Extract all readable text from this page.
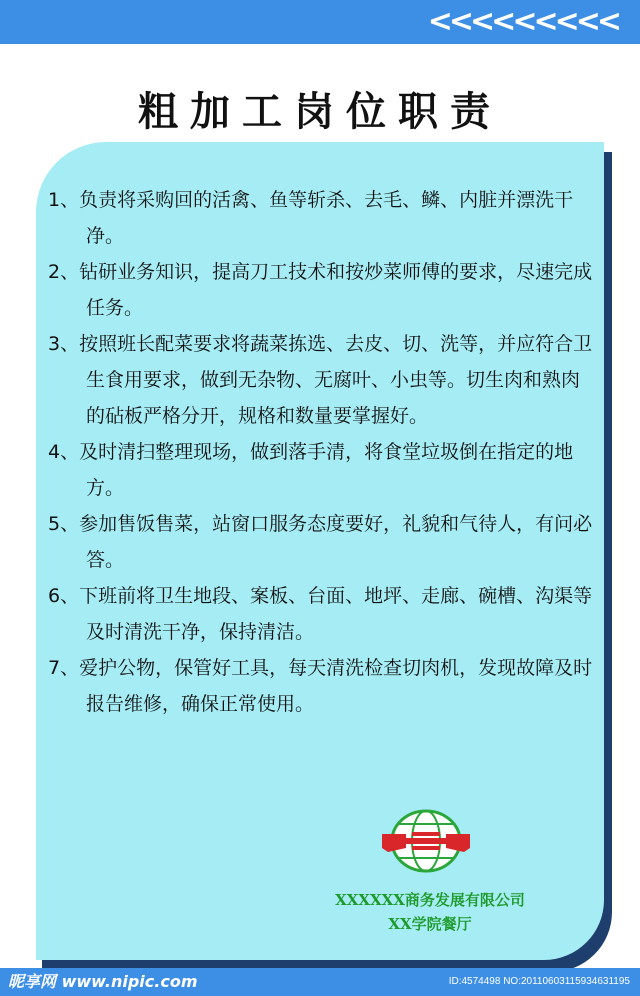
<<<<<<<<<
粗加工岗位职责

1、负责将采购回的活禽、鱼等斩杀、去毛、鳞、内脏并漂洗干净。

2、钻研业务知识，提高刀工技术和按炒菜师傅的要求，尽速完成任务。

3、按照班长配菜要求将蔬菜拣选、去皮、切、洗等，并应符合卫生食用要求，做到无杂物、无腐叶、小虫等。切生肉和熟肉的砧板严格分开，规格和数量要掌握好。

4、及时清扫整理现场，做到落手清，将食堂垃圾倒在指定的地方。

5、参加售饭售菜，站窗口服务态度要好，礼貌和气待人，有问必答。

6、下班前将卫生地段、案板、台面、地坪、走廊、碗槽、沟渠等及时清洗干净，保持清洁。

7、爱护公物，保管好工具，每天清洗检查切肉机，发现故障及时报告维修，确保正常使用。

XXXXXX商务发展有限公司
XX学院餐厅
昵享网 www.nipic.com	ID:4574498 NO:20110603115934631195
